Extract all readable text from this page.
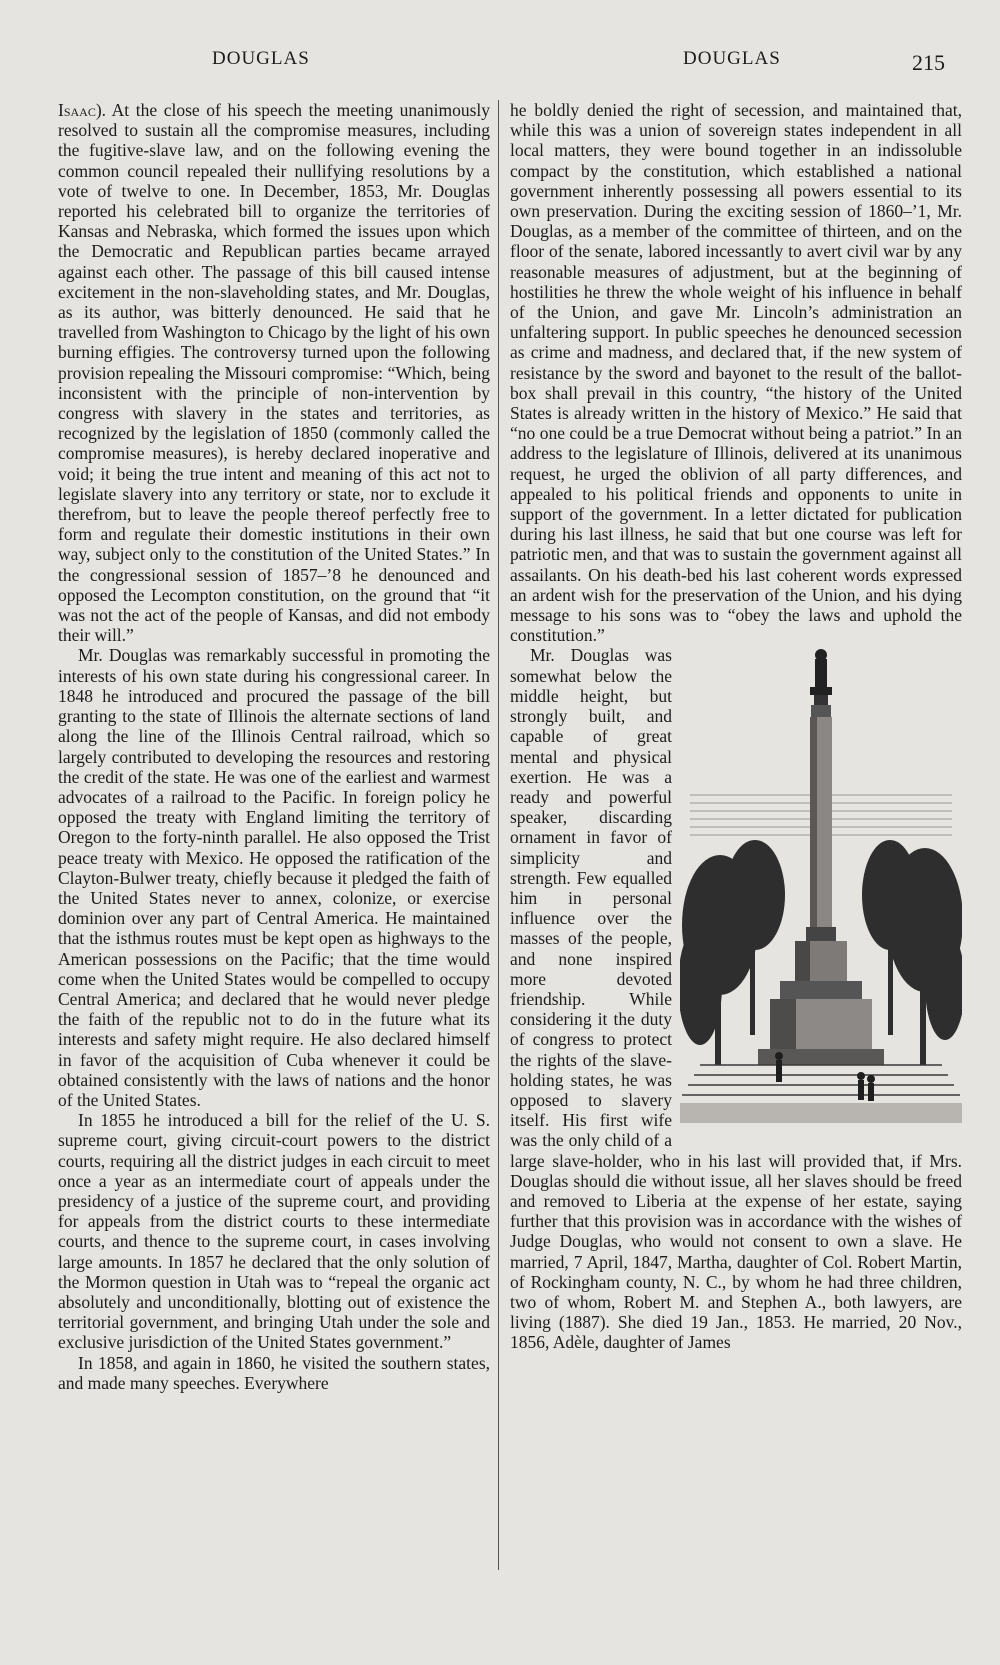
DOUGLAS	DOUGLAS	215

Isaac). At the close of his speech the meeting unanimously resolved to sustain all the compromise measures, including the fugitive-slave law, and on the following evening the common council repealed their nullifying resolutions by a vote of twelve to one. In December, 1853, Mr. Douglas reported his celebrated bill to organize the territories of Kansas and Nebraska, which formed the issues upon which the Democratic and Republican parties became arrayed against each other. The passage of this bill caused intense excitement in the non-slaveholding states, and Mr. Douglas, as its author, was bitterly denounced. He said that he travelled from Washington to Chicago by the light of his own burning effigies. The controversy turned upon the following provision repealing the Missouri compromise: “Which, being inconsistent with the principle of non-intervention by congress with slavery in the states and territories, as recognized by the legislation of 1850 (commonly called the compromise measures), is hereby declared inoperative and void; it being the true intent and meaning of this act not to legislate slavery into any territory or state, nor to exclude it therefrom, but to leave the people thereof perfectly free to form and regulate their domestic institutions in their own way, subject only to the constitution of the United States.” In the congressional session of 1857–’8 he denounced and opposed the Lecompton constitution, on the ground that “it was not the act of the people of Kansas, and did not embody their will.”

Mr. Douglas was remarkably successful in promoting the interests of his own state during his congressional career. In 1848 he introduced and procured the passage of the bill granting to the state of Illinois the alternate sections of land along the line of the Illinois Central railroad, which so largely contributed to developing the resources and restoring the credit of the state. He was one of the earliest and warmest advocates of a railroad to the Pacific. In foreign policy he opposed the treaty with England limiting the territory of Oregon to the forty-ninth parallel. He also opposed the Trist peace treaty with Mexico. He opposed the ratification of the Clayton-Bulwer treaty, chiefly because it pledged the faith of the United States never to annex, colonize, or exercise dominion over any part of Central America. He maintained that the isthmus routes must be kept open as highways to the American possessions on the Pacific; that the time would come when the United States would be compelled to occupy Central America; and declared that he would never pledge the faith of the republic not to do in the future what its interests and safety might require. He also declared himself in favor of the acquisition of Cuba whenever it could be obtained consistently with the laws of nations and the honor of the United States.

In 1855 he introduced a bill for the relief of the U. S. supreme court, giving circuit-court powers to the district courts, requiring all the district judges in each circuit to meet once a year as an intermediate court of appeals under the presidency of a justice of the supreme court, and providing for appeals from the district courts to these intermediate courts, and thence to the supreme court, in cases involving large amounts. In 1857 he declared that the only solution of the Mormon question in Utah was to “repeal the organic act absolutely and unconditionally, blotting out of existence the territorial government, and bringing Utah under the sole and exclusive jurisdiction of the United States government.”

In 1858, and again in 1860, he visited the southern states, and made many speeches. Everywhere

he boldly denied the right of secession, and maintained that, while this was a union of sovereign states independent in all local matters, they were bound together in an indissoluble compact by the constitution, which established a national government inherently possessing all powers essential to its own preservation. During the exciting session of 1860–’1, Mr. Douglas, as a member of the committee of thirteen, and on the floor of the senate, labored incessantly to avert civil war by any reasonable measures of adjustment, but at the beginning of hostilities he threw the whole weight of his influence in behalf of the Union, and gave Mr. Lincoln’s administration an unfaltering support. In public speeches he denounced secession as crime and madness, and declared that, if the new system of resistance by the sword and bayonet to the result of the ballot-box shall prevail in this country, “the history of the United States is already written in the history of Mexico.” He said that “no one could be a true Democrat without being a patriot.” In an address to the legislature of Illinois, delivered at its unanimous request, he urged the oblivion of all party differences, and appealed to his political friends and opponents to unite in support of the government. In a letter dictated for publication during his last illness, he said that but one course was left for patriotic men, and that was to sustain the government against all assailants. On his death-bed his last coherent words expressed an ardent wish for the preservation of the Union, and his dying message to his sons was to “obey the laws and uphold the constitution.”

Mr. Douglas was somewhat below the middle height, but strongly built, and capable of great mental and physical exertion. He was a ready and powerful speaker, discarding ornament in favor of simplicity and strength. Few equalled him in personal influence over the masses of the people, and none inspired more devoted friendship. While considering it the duty of congress to protect the rights of the slave-holding states, he was opposed to slavery itself. His first wife was the only child of a large slave-holder, who in his last will provided that, if Mrs. Douglas should die without issue, all her slaves should be freed and removed to Liberia at the expense of her estate, saying further that this provision was in accordance with the wishes of Judge Douglas, who would not consent to own a slave. He married, 7 April, 1847, Martha, daughter of Col. Robert Martin, of Rockingham county, N. C., by whom he had three children, two of whom, Robert M. and Stephen A., both lawyers, are living (1887). She died 19 Jan., 1853. He married, 20 Nov., 1856, Adèle, daughter of James
